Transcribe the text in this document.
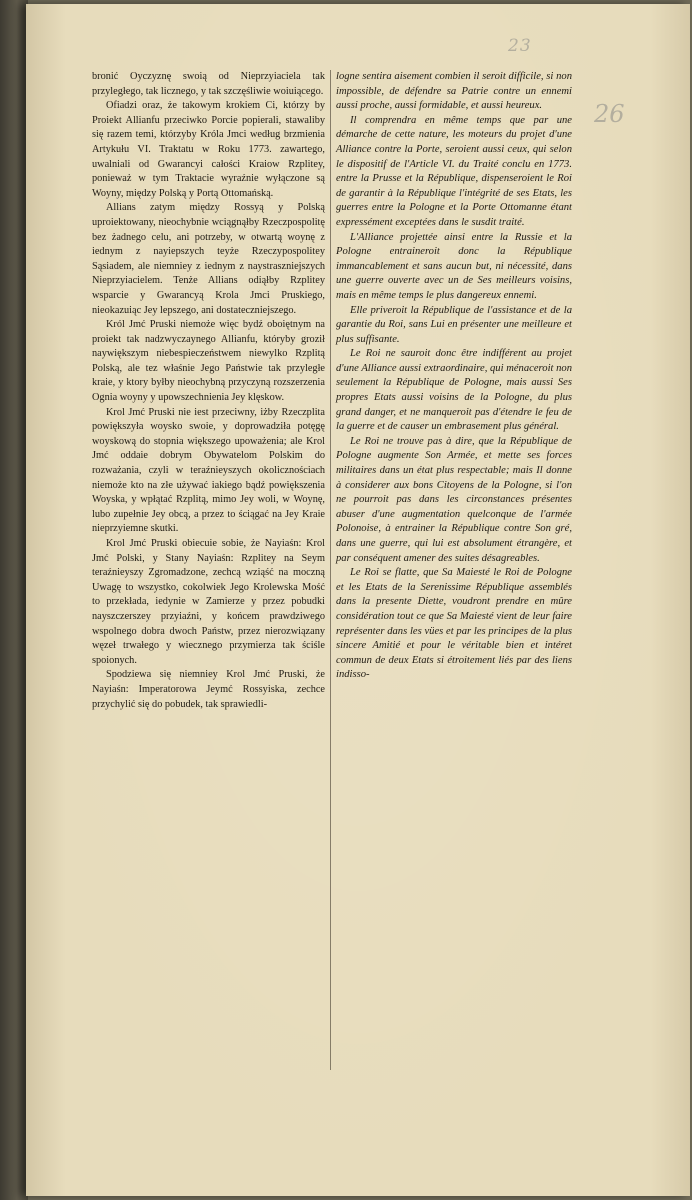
23
26

bronić Oyczyznę swoią od Nieprzyiaciela tak przyległego, tak licznego, y tak szczęśliwie woiuiącego.

Ofiadzi oraz, że takowym krokiem Ci, którzy by Proiekt Allianfu przeciwko Porcie popierali, stawaliby się razem temi, którzyby Króla Jmci według brzmienia Artykułu VI. Traktatu w Roku 1773. zawartego, uwalniali od Gwarancyi całości Kraiow Rzplitey, ponieważ w tym Traktacie wyraźnie wyłączone są Woyny, między Polską y Portą Ottomańską.

Allians zatym między Rossyą y Polską uproiektowany, nieochybnie wciągnąłby Rzeczpospolitę bez żadnego celu, ani potrzeby, w otwartą woynę z iednym z nayiepszych teyże Rzeczypospolitey Sąsiadem, ale niemniey z iednym z naystraszniejszych Nieprzyiacielem. Tenże Allians odiąłby Rzplitey wsparcie y Gwarancyą Krola Jmci Pruskiego, nieokazuiąc Jey lepszego, ani dostateczniejszego.

Król Jmć Pruski niemoże więc bydź oboiętnym na proiekt tak nadzwyczaynego Allianfu, któryby groził naywiększym niebespieczeństwem niewylko Rzplitą Polską, ale tez właśnie Jego Państwie tak przyległe kraie, y ktory byłby nieochybną przyczyną rozszerzenia Ognia woyny y upowszechnienia Jey klęskow.

Krol Jmć Pruski nie iest przeciwny, iżby Rzeczplita powiększyła woysko swoie, y doprowadziła potęgę woyskową do stopnia większego upoważenia; ale Krol Jmć oddaie dobrym Obywatelom Polskim do rozważania, czyli w teraźnieyszych okolicznościach niemoże kto na złe używać iakiego bądź powiększenia Woyska, y wpłątać Rzplitą, mimo Jey woli, w Woynę, lubo zupełnie Jey obcą, a przez to ściągać na Jey Kraie nieprzyiemne skutki.

Krol Jmć Pruski obiecuie sobie, że Nayiaśn: Krol Jmć Polski, y Stany Nayiaśn: Rzplitey na Seym teraźnieyszy Zgromadzone, zechcą wziąść na moczną Uwagę to wszystko, cokolwiek Jego Krolewska Mość to przekłada, iedynie w Zamierze y przez pobudki nayszczerszey przyiaźni, y końcem prawdziwego wspolnego dobra dwoch Państw, przez nierozwiązany węzeł trwałego y wiecznego przymierza tak ściśle spoionych.

Spodziewa się niemniey Krol Jmć Pruski, że Nayiaśn: Imperatorowa Jeymć Rossyiska, zechce przychylić się do pobudek, tak sprawiedli-

logne sentira aisement combien il seroit difficile, si non impossible, de défendre sa Patrie contre un ennemi aussi proche, aussi formidable, et aussi heureux.

Il comprendra en même temps que par une démarche de cette nature, les moteurs du projet d'une Alliance contre la Porte, seroient aussi ceux, qui selon le dispositif de l'Article VI. du Traité conclu en 1773. entre la Prusse et la République, dispenseroient le Roi de garantir à la République l'intégrité de ses Etats, les guerres entre la Pologne et la Porte Ottomanne étant expressément exceptées dans le susdit traité.

L'Alliance projettée ainsi entre la Russie et la Pologne entraineroit donc la République immancablement et sans aucun but, ni nécessité, dans une guerre ouverte avec un de Ses meilleurs voisins, mais en même temps le plus dangereux ennemi.

Elle priveroit la République de l'assistance et de la garantie du Roi, sans Lui en présenter une meilleure et plus suffisante.

Le Roi ne sauroit donc être indifférent au projet d'une Alliance aussi extraordinaire, qui ménaceroit non seulement la République de Pologne, mais aussi Ses propres Etats aussi voisins de la Pologne, du plus grand danger, et ne manqueroit pas d'étendre le feu de la guerre et de causer un embrasement plus général.

Le Roi ne trouve pas à dire, que la République de Pologne augmente Son Armée, et mette ses forces militaires dans un état plus respectable; mais Il donne à considerer aux bons Citoyens de la Pologne, si l'on ne pourroit pas dans les circonstances présentes abuser d'une augmentation quelconque de l'armée Polonoise, à entrainer la République contre Son gré, dans une guerre, qui lui est absolument étrangère, et par conséquent amener des suites désagreables.

Le Roi se flatte, que Sa Maiesté le Roi de Pologne et les Etats de la Serenissime République assemblés dans la presente Diette, voudront prendre en mûre considération tout ce que Sa Maiesté vient de leur faire représenter dans les vües et par les principes de la plus sincere Amitié et pour le véritable bien et intéret commun de deux Etats si étroitement liés par des liens indisso-
